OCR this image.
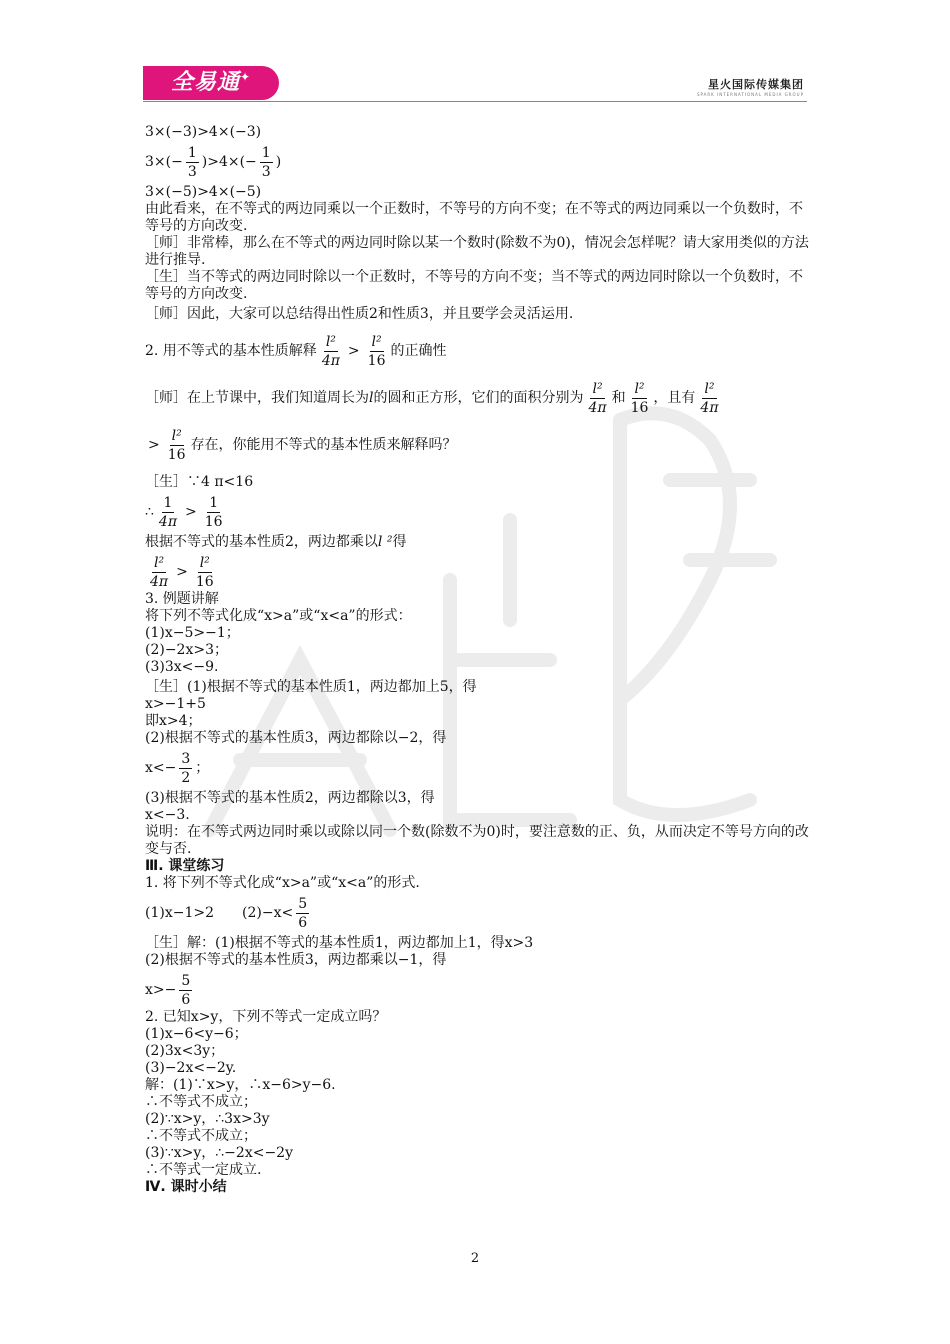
全易通✦
星火国际传媒集团
SPARK INTERNATIONAL MEDIA GROUP
3×(−3)>4×(−3)
$3\times(- \frac{1}{3} )>4\times(- \frac{1}{3}$ )
3×(−5)>4×(−5)
由此看来，在不等式的两边同乘以一个正数时，不等号的方向不变；在不等式的两边同乘以一个负数时，不等号的方向改变.
［师］非常棒，那么在不等式的两边同时除以某一个数时(除数不为0)，情况会怎样呢？请大家用类似的方法进行推导.
［生］当不等式的两边同时除以一个正数时，不等号的方向不变；当不等式的两边同时除以一个负数时，不等号的方向改变.
［师］因此，大家可以总结得出性质2和性质3，并且要学会灵活运用.
2. 用不等式的基本性质解释 $\frac{\text{l²}}{4\pi} > \frac{\text{l²}}{16}$ 的正确性
［师］在上节课中，我们知道周长为 l 的圆和正方形，它们的面积分别为 $\frac{\text{l²}}{4\pi}$ 和 $\frac{\text{l²}}{16}$ ，且有 $\frac{\text{l²}}{4\pi}$
> $\frac{\text{l²}}{16}$ 存在，你能用不等式的基本性质来解释吗？
［生］∵4 π<16
∴ $\frac{1}{4\pi} > \frac{1}{16}$
根据不等式的基本性质2，两边都乘以l ²得
$\frac{\text{l²}}{4\pi} > \frac{\text{l²}}{16}$
3. 例题讲解
将下列不等式化成“x>a”或“x<a”的形式：
(1)x−5>−1；
(2)−2x>3；
(3)3x<−9.
［生］(1)根据不等式的基本性质1，两边都加上5，得
x>−1+5
即x>4；
(2)根据不等式的基本性质3，两边都除以−2，得
$x<- \frac{3}{2}$ ；
(3)根据不等式的基本性质2，两边都除以3，得
x<−3.
说明：在不等式两边同时乘以或除以同一个数(除数不为0)时，要注意数的正、负，从而决定不等号方向的改变与否.
Ⅲ. 课堂练习
1. 将下列不等式化成“x>a”或“x<a”的形式.
(1)x−1>2　　$(2)-x< \frac{5}{6}$
［生］解：(1)根据不等式的基本性质1，两边都加上1，得x>3
(2)根据不等式的基本性质3，两边都乘以−1，得
$x>- \frac{5}{6}$
2. 已知x>y，下列不等式一定成立吗？
(1)x−6<y−6；
(2)3x<3y；
(3)−2x<−2y.
解：(1)∵x>y，∴x−6>y−6.
∴不等式不成立；
(2)∵x>y，∴3x>3y
∴不等式不成立；
(3)∵x>y，∴−2x<−2y
∴不等式一定成立.
Ⅳ. 课时小结
2
